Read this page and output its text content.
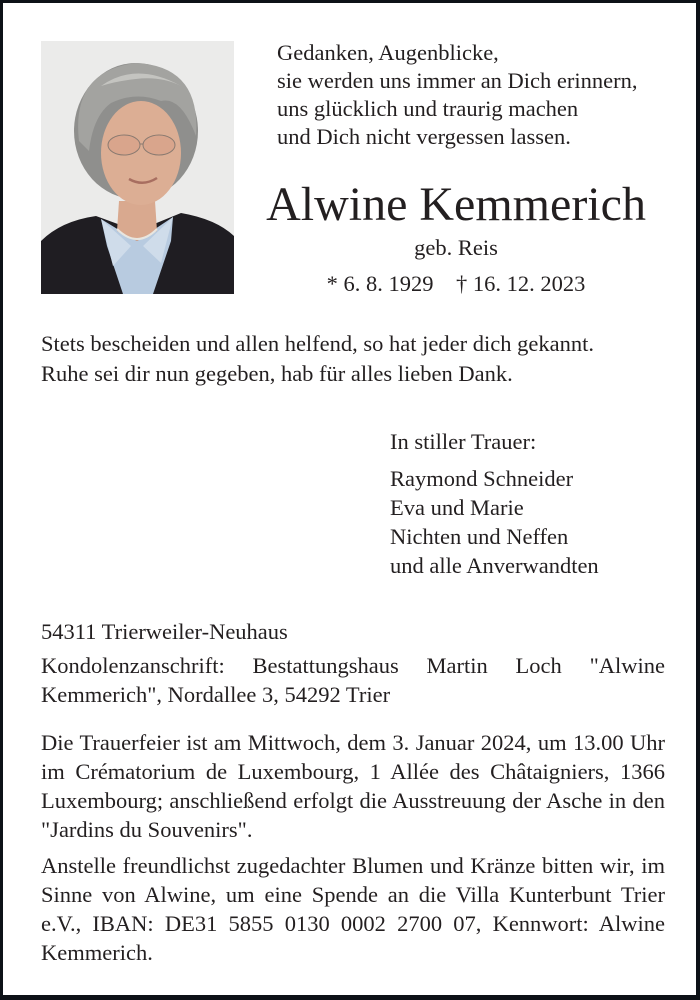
Gedanken, Augenblicke,
sie werden uns immer an Dich erinnern,
uns glücklich und traurig machen
und Dich nicht vergessen lassen.
Alwine Kemmerich
geb. Reis
* 6. 8. 1929    † 16. 12. 2023
Stets bescheiden und allen helfend, so hat jeder dich gekannt.
Ruhe sei dir nun gegeben, hab für alles lieben Dank.
In stiller Trauer:
Raymond Schneider
Eva und Marie
Nichten und Neffen
und alle Anverwandten
54311 Trierweiler-Neuhaus
Kondolenzanschrift: Bestattungshaus Martin Loch "Alwine Kemmerich", Nordallee 3, 54292 Trier
Die Trauerfeier ist am Mittwoch, dem 3. Januar 2024, um 13.00 Uhr im Crématorium de Luxembourg, 1 Allée des Châtaigniers, 1366 Luxembourg; anschließend erfolgt die Ausstreuung der Asche in den "Jardins du Souvenirs".
Anstelle freundlichst zugedachter Blumen und Kränze bitten wir, im Sinne von Alwine, um eine Spende an die Villa Kunterbunt Trier e.V., IBAN: DE31 5855 0130 0002 2700 07, Kennwort: Alwine Kemmerich.
